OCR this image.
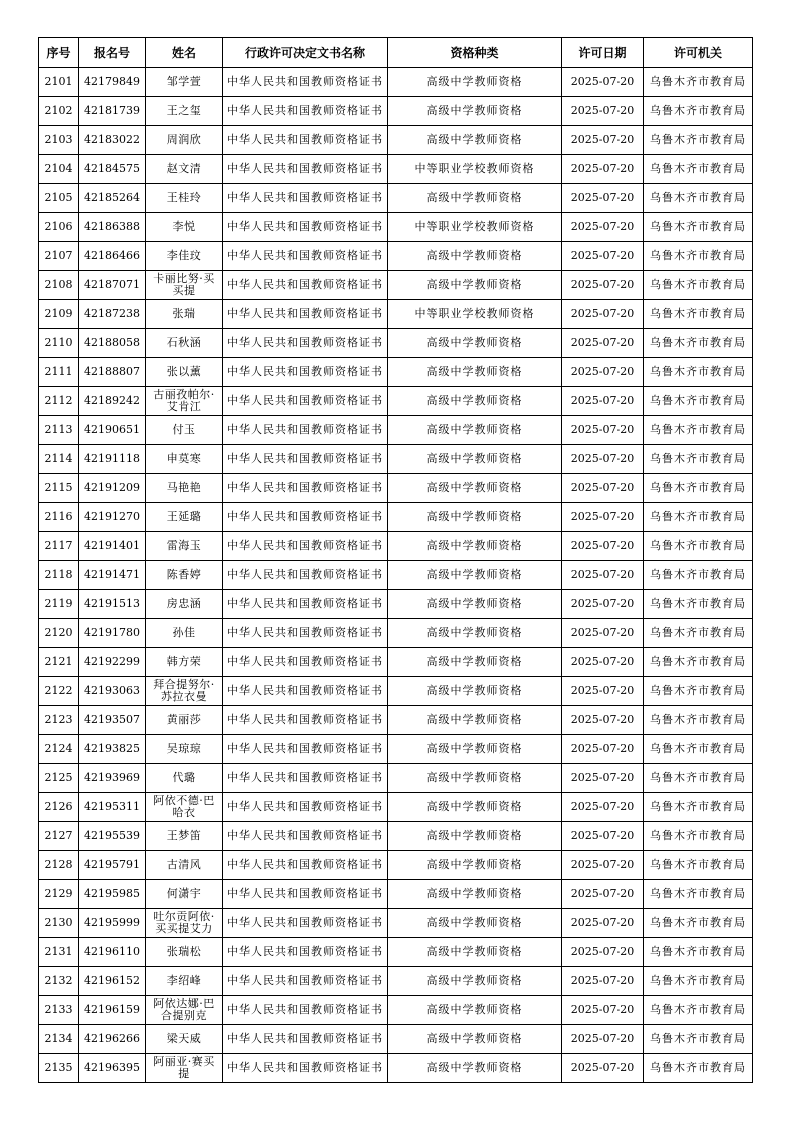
序号	报名号	姓名	行政许可决定文书名称	资格种类	许可日期	许可机关
2101	42179849	邹学萱	中华人民共和国教师资格证书	高级中学教师资格	2025-07-20	乌鲁木齐市教育局
2102	42181739	王之玺	中华人民共和国教师资格证书	高级中学教师资格	2025-07-20	乌鲁木齐市教育局
2103	42183022	周润欣	中华人民共和国教师资格证书	高级中学教师资格	2025-07-20	乌鲁木齐市教育局
2104	42184575	赵文清	中华人民共和国教师资格证书	中等职业学校教师资格	2025-07-20	乌鲁木齐市教育局
2105	42185264	王桂玲	中华人民共和国教师资格证书	高级中学教师资格	2025-07-20	乌鲁木齐市教育局
2106	42186388	李悦	中华人民共和国教师资格证书	中等职业学校教师资格	2025-07-20	乌鲁木齐市教育局
2107	42186466	李佳玟	中华人民共和国教师资格证书	高级中学教师资格	2025-07-20	乌鲁木齐市教育局
2108	42187071	卡丽比努·买买提	中华人民共和国教师资格证书	高级中学教师资格	2025-07-20	乌鲁木齐市教育局
2109	42187238	张瑞	中华人民共和国教师资格证书	中等职业学校教师资格	2025-07-20	乌鲁木齐市教育局
2110	42188058	石秋涵	中华人民共和国教师资格证书	高级中学教师资格	2025-07-20	乌鲁木齐市教育局
2111	42188807	张以薰	中华人民共和国教师资格证书	高级中学教师资格	2025-07-20	乌鲁木齐市教育局
2112	42189242	古丽孜帕尔·艾肯江	中华人民共和国教师资格证书	高级中学教师资格	2025-07-20	乌鲁木齐市教育局
2113	42190651	付玉	中华人民共和国教师资格证书	高级中学教师资格	2025-07-20	乌鲁木齐市教育局
2114	42191118	申莫寒	中华人民共和国教师资格证书	高级中学教师资格	2025-07-20	乌鲁木齐市教育局
2115	42191209	马艳艳	中华人民共和国教师资格证书	高级中学教师资格	2025-07-20	乌鲁木齐市教育局
2116	42191270	王延璐	中华人民共和国教师资格证书	高级中学教师资格	2025-07-20	乌鲁木齐市教育局
2117	42191401	雷海玉	中华人民共和国教师资格证书	高级中学教师资格	2025-07-20	乌鲁木齐市教育局
2118	42191471	陈香婷	中华人民共和国教师资格证书	高级中学教师资格	2025-07-20	乌鲁木齐市教育局
2119	42191513	房忠涵	中华人民共和国教师资格证书	高级中学教师资格	2025-07-20	乌鲁木齐市教育局
2120	42191780	孙佳	中华人民共和国教师资格证书	高级中学教师资格	2025-07-20	乌鲁木齐市教育局
2121	42192299	韩方荣	中华人民共和国教师资格证书	高级中学教师资格	2025-07-20	乌鲁木齐市教育局
2122	42193063	拜合提努尔·苏拉衣曼	中华人民共和国教师资格证书	高级中学教师资格	2025-07-20	乌鲁木齐市教育局
2123	42193507	黄丽莎	中华人民共和国教师资格证书	高级中学教师资格	2025-07-20	乌鲁木齐市教育局
2124	42193825	吴琼琼	中华人民共和国教师资格证书	高级中学教师资格	2025-07-20	乌鲁木齐市教育局
2125	42193969	代璐	中华人民共和国教师资格证书	高级中学教师资格	2025-07-20	乌鲁木齐市教育局
2126	42195311	阿依不德·巴哈衣	中华人民共和国教师资格证书	高级中学教师资格	2025-07-20	乌鲁木齐市教育局
2127	42195539	王梦笛	中华人民共和国教师资格证书	高级中学教师资格	2025-07-20	乌鲁木齐市教育局
2128	42195791	古清风	中华人民共和国教师资格证书	高级中学教师资格	2025-07-20	乌鲁木齐市教育局
2129	42195985	何潇宇	中华人民共和国教师资格证书	高级中学教师资格	2025-07-20	乌鲁木齐市教育局
2130	42195999	吐尔贡阿依·买买提艾力	中华人民共和国教师资格证书	高级中学教师资格	2025-07-20	乌鲁木齐市教育局
2131	42196110	张瑞松	中华人民共和国教师资格证书	高级中学教师资格	2025-07-20	乌鲁木齐市教育局
2132	42196152	李绍峰	中华人民共和国教师资格证书	高级中学教师资格	2025-07-20	乌鲁木齐市教育局
2133	42196159	阿依达娜·巴合提别克	中华人民共和国教师资格证书	高级中学教师资格	2025-07-20	乌鲁木齐市教育局
2134	42196266	梁天威	中华人民共和国教师资格证书	高级中学教师资格	2025-07-20	乌鲁木齐市教育局
2135	42196395	阿丽亚·赛买提	中华人民共和国教师资格证书	高级中学教师资格	2025-07-20	乌鲁木齐市教育局
